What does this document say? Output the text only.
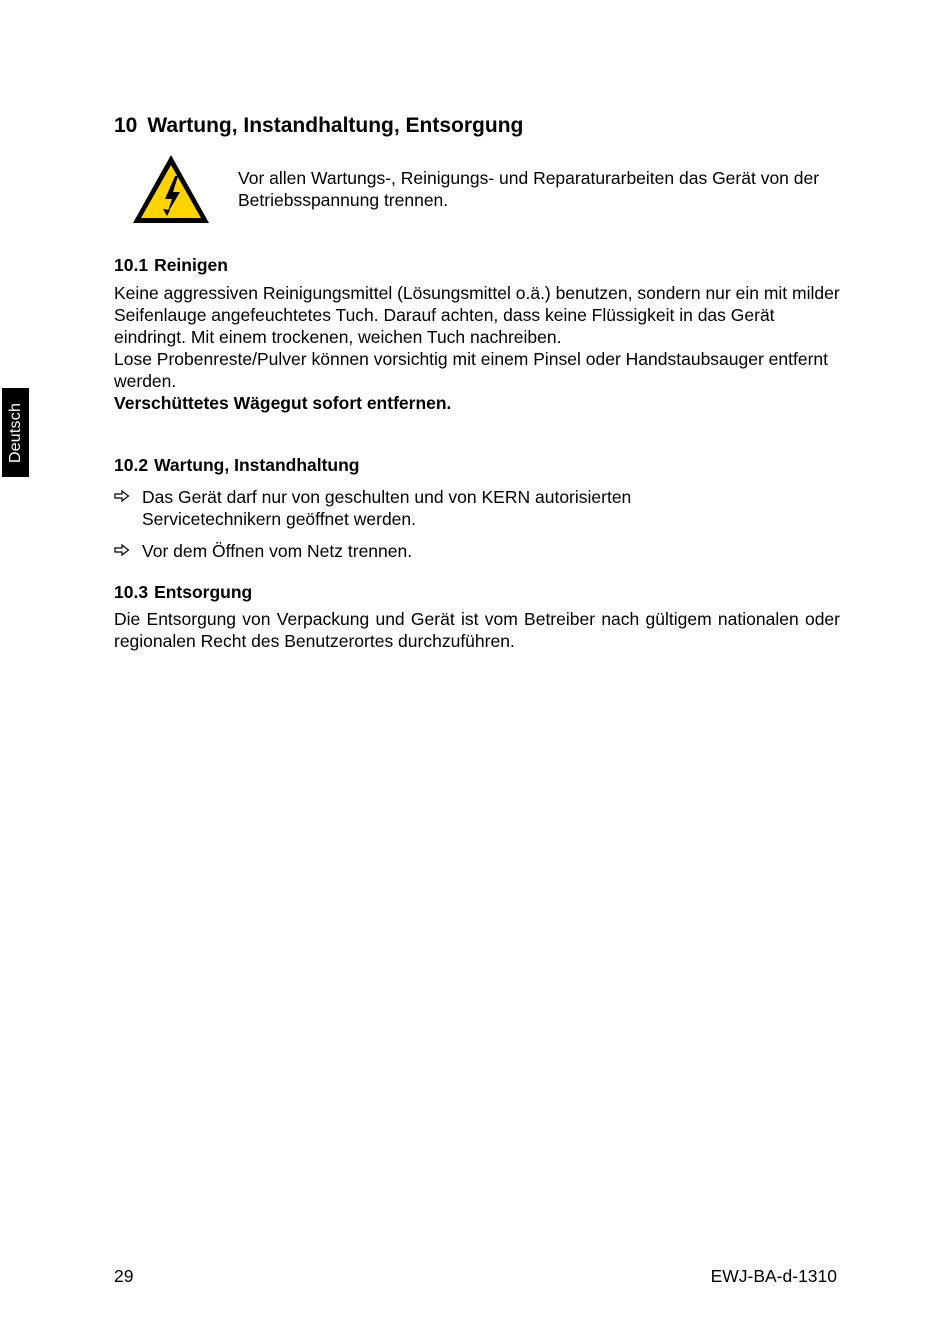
Deutsch
10 Wartung, Instandhaltung, Entsorgung
Vor allen Wartungs-, Reinigungs- und Reparaturarbeiten das Gerät von der Betriebsspannung trennen.
10.1 Reinigen

Keine aggressiven Reinigungsmittel (Lösungsmittel o.ä.) benutzen, sondern nur ein mit milder Seifenlauge angefeuchtetes Tuch. Darauf achten, dass keine Flüssigkeit in das Gerät eindringt. Mit einem trockenen, weichen Tuch nachreiben.

Lose Probenreste/Pulver können vorsichtig mit einem Pinsel oder Handstaubsauger entfernt werden.

Verschüttetes Wägegut sofort entfernen.

10.2 Wartung, Instandhaltung
Das Gerät darf nur von geschulten und von KERN autorisierten Servicetechnikern geöffnet werden.
Vor dem Öffnen vom Netz trennen.
10.3 Entsorgung
Die Entsorgung von Verpackung und Gerät ist vom Betreiber nach gültigem nationalen oder regionalen Recht des Benutzerortes durchzuführen.
29	EWJ-BA-d-1310
